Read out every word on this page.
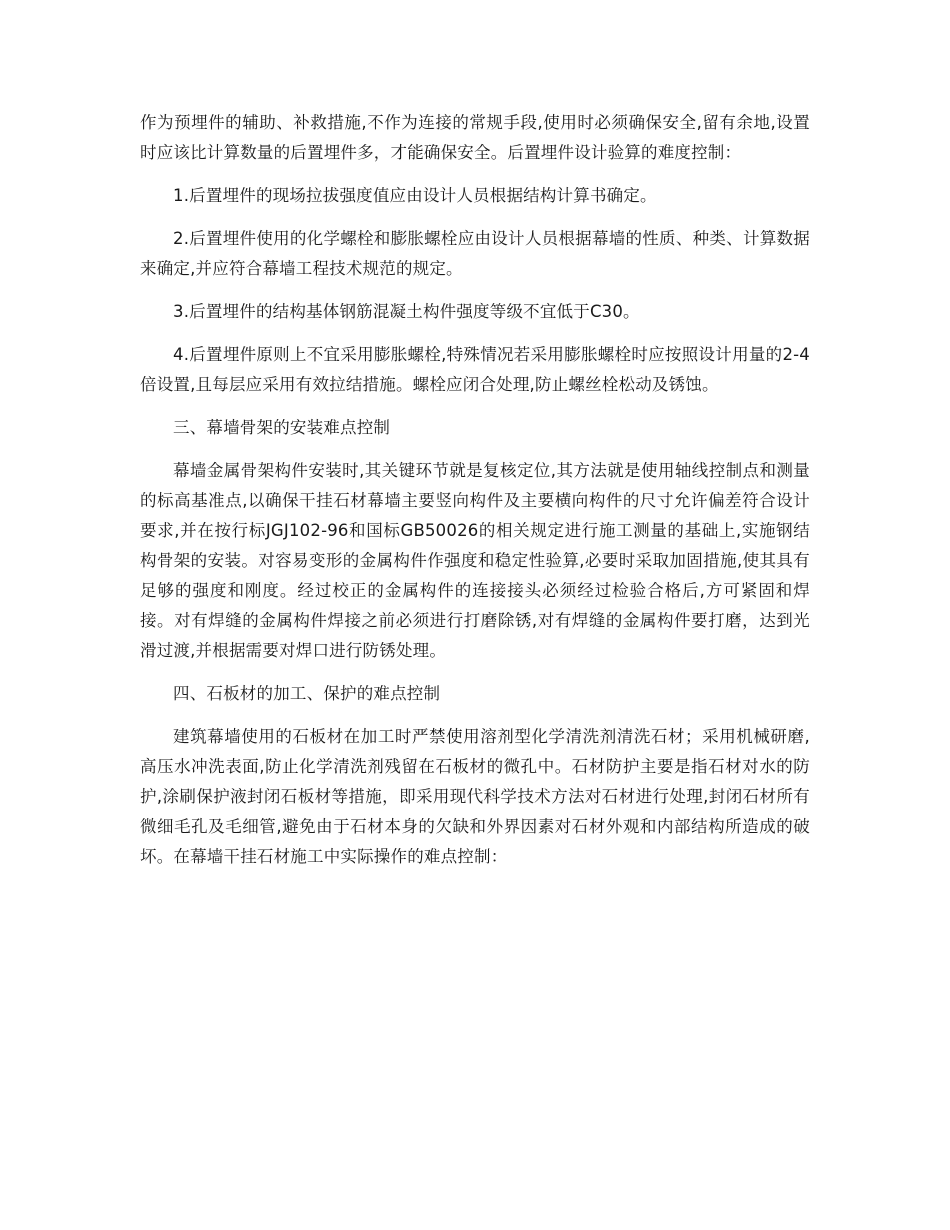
作为预埋件的辅助、补救措施,不作为连接的常规手段,使用时必须确保安全,留有余地,设置时应该比计算数量的后置埋件多，才能确保安全。后置埋件设计验算的难度控制：

1.后置埋件的现场拉拔强度值应由设计人员根据结构计算书确定。

2.后置埋件使用的化学螺栓和膨胀螺栓应由设计人员根据幕墙的性质、种类、计算数据来确定,并应符合幕墙工程技术规范的规定。

3.后置埋件的结构基体钢筋混凝土构件强度等级不宜低于C30。

4.后置埋件原则上不宜采用膨胀螺栓,特殊情况若采用膨胀螺栓时应按照设计用量的2-4倍设置,且每层应采用有效拉结措施。螺栓应闭合处理,防止螺丝栓松动及锈蚀。

三、幕墙骨架的安装难点控制

幕墙金属骨架构件安装时,其关键环节就是复核定位,其方法就是使用轴线控制点和测量的标高基准点,以确保干挂石材幕墙主要竖向构件及主要横向构件的尺寸允许偏差符合设计要求,并在按行标JGJ102-96和国标GB50026的相关规定进行施工测量的基础上,实施钢结构骨架的安装。对容易变形的金属构件作强度和稳定性验算,必要时采取加固措施,使其具有足够的强度和刚度。经过校正的金属构件的连接接头必须经过检验合格后,方可紧固和焊接。对有焊缝的金属构件焊接之前必须进行打磨除锈,对有焊缝的金属构件要打磨，达到光滑过渡,并根据需要对焊口进行防锈处理。

四、石板材的加工、保护的难点控制

建筑幕墙使用的石板材在加工时严禁使用溶剂型化学清洗剂清洗石材；采用机械研磨,高压水冲洗表面,防止化学清洗剂残留在石板材的微孔中。石材防护主要是指石材对水的防护,涂刷保护液封闭石板材等措施，即采用现代科学技术方法对石材进行处理,封闭石材所有微细毛孔及毛细管,避免由于石材本身的欠缺和外界因素对石材外观和内部结构所造成的破坏。在幕墙干挂石材施工中实际操作的难点控制：
